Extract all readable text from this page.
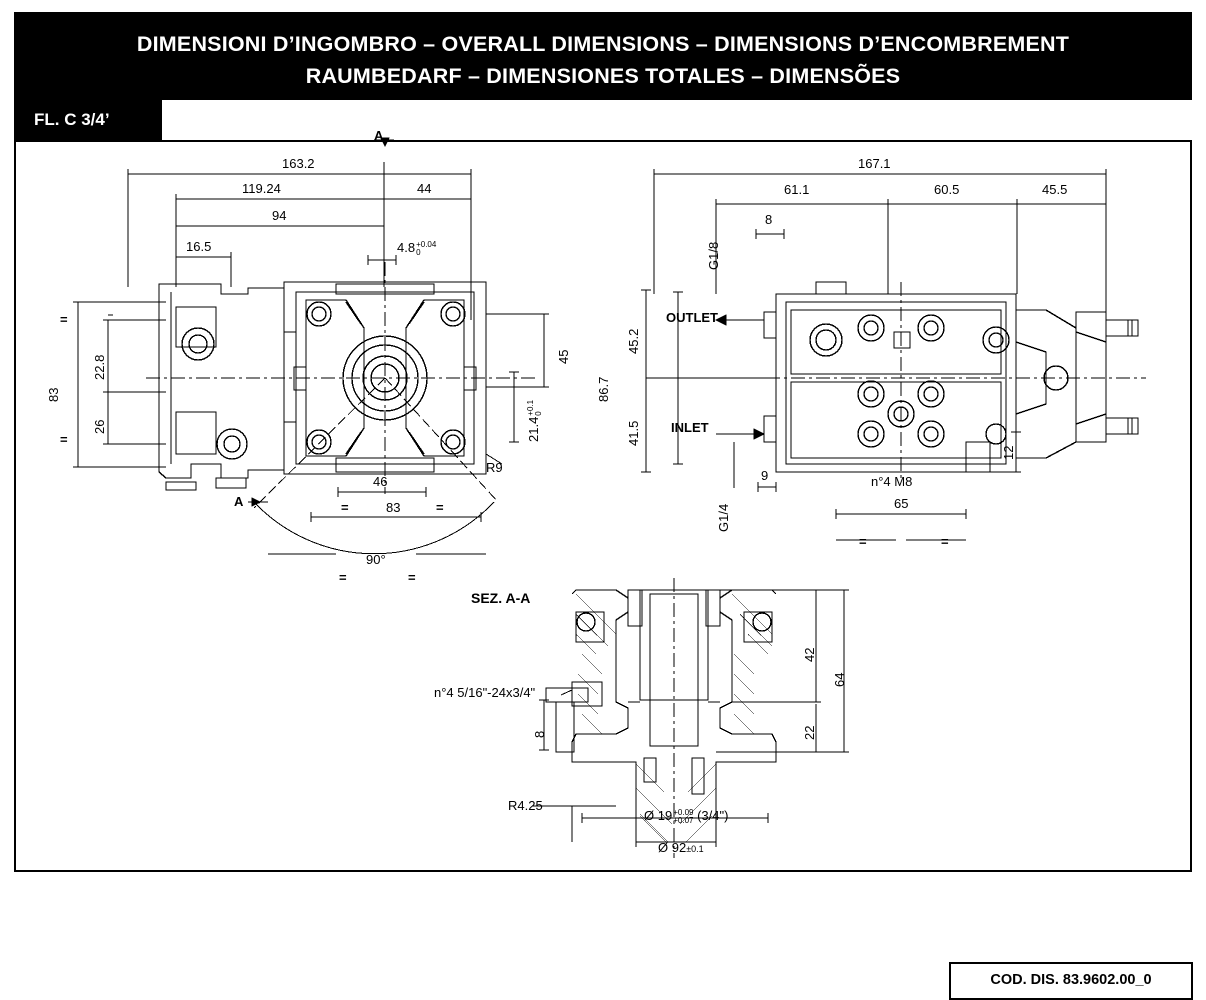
DIMENSIONI D’INGOMBRO – OVERALL DIMENSIONS – DIMENSIONS D’ENCOMBREMENT
RAUMBEDARF – DIMENSIONES TOTALES – DIMENSÕES
FL. C 3/4’
A
A
163.2
119.24	44
94
16.5	4.8+0.04
0
83
22.8
26
=
=
45
21.4+0.1
0
R9
46
83
=	=
90°
=	=
167.1
61.1	60.5	45.5
8
G1/8
G1/4
45.2
41.5
86.7
OUTLET
INLET
9
12
n°4 M8
65
=	=
SEZ. A-A
n°4 5/16"-24x3/4"
42
64
22
8
R4.25
Ø 19+0.09
+0.07 (3/4")
Ø 92±0.1
COD. DIS. 83.9602.00_0
